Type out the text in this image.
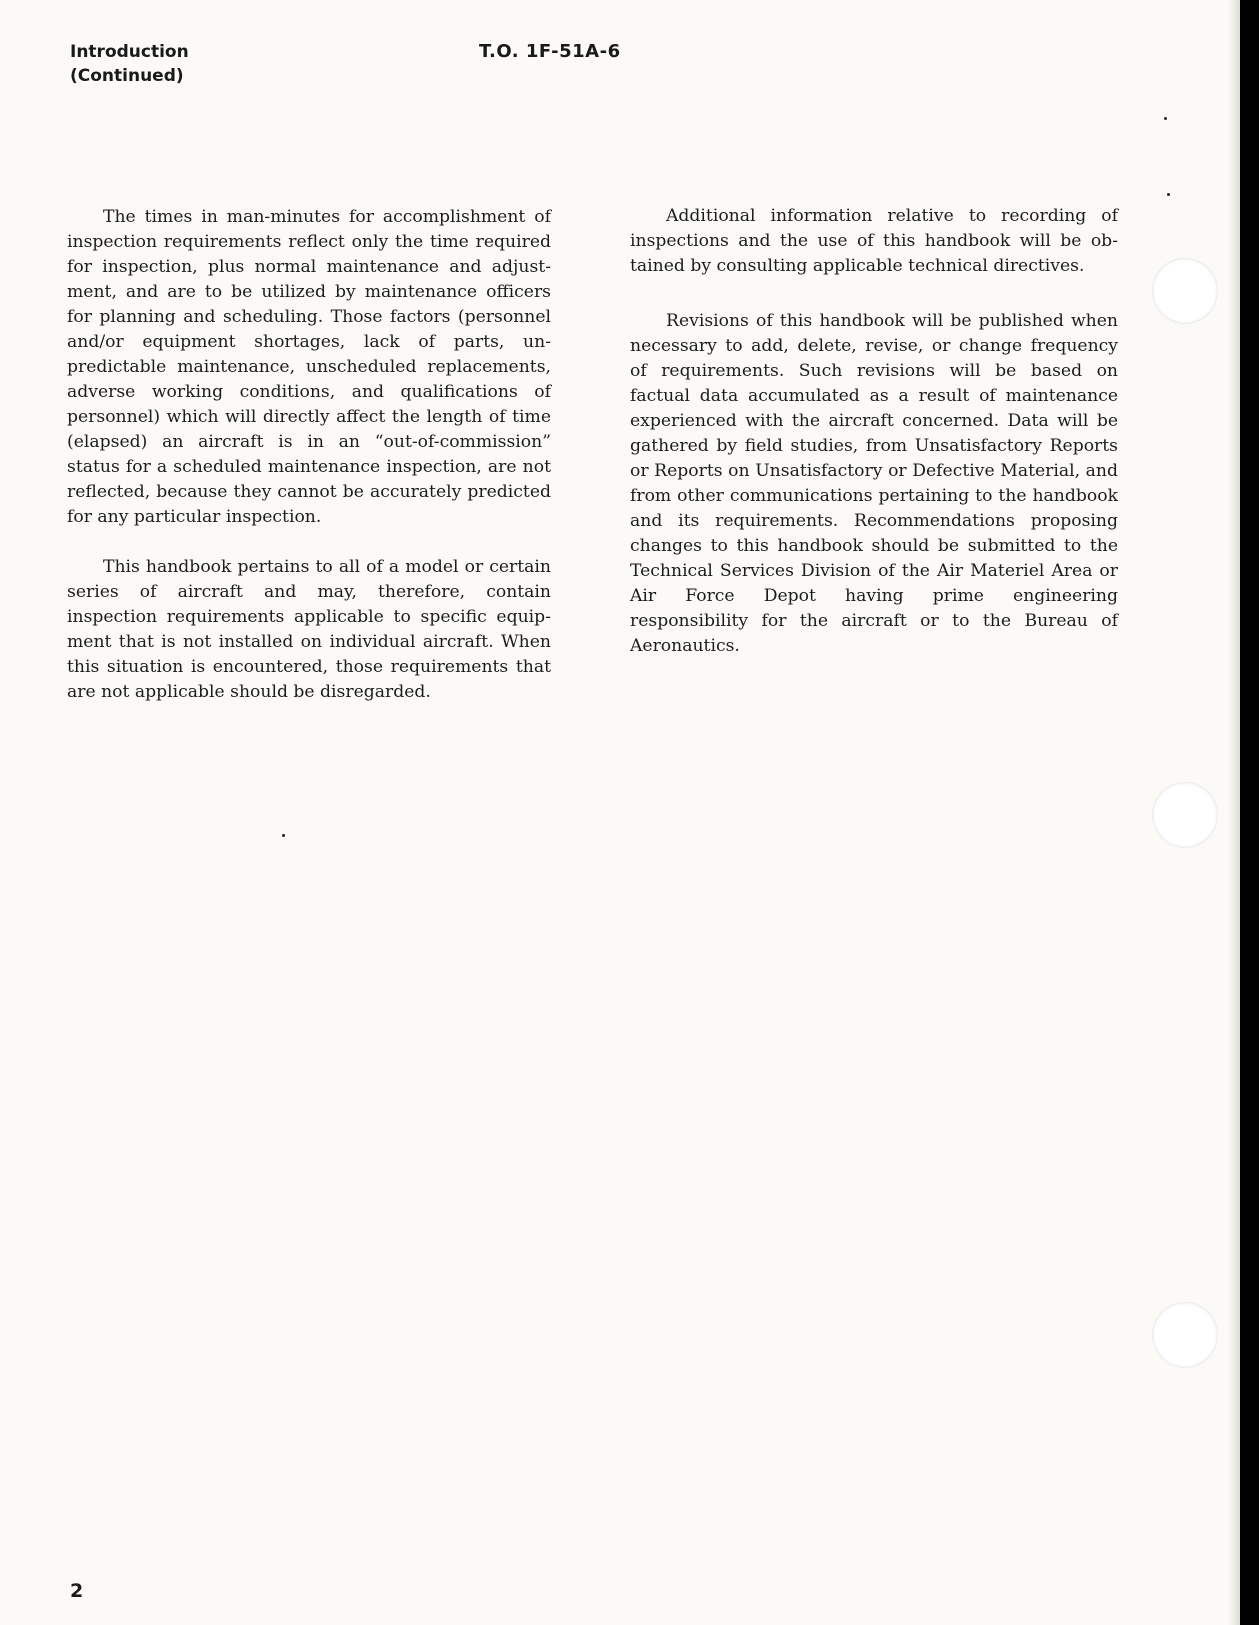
Introduction
(Continued)
T.O. 1F-51A-6

The times in man-minutes for accomplishment of inspection requirements reflect only the time required for inspection, plus normal maintenance and adjustment, and are to be utilized by maintenance officers for planning and scheduling. Those factors (personnel and/or equipment shortages, lack of parts, unpredictable maintenance, unscheduled replacements, adverse working conditions, and qualifications of personnel) which will directly affect the length of time (elapsed) an aircraft is in an “out-of-commission” status for a scheduled maintenance inspection, are not reflected, because they cannot be accurately predicted for any particular inspection.

This handbook pertains to all of a model or certain series of aircraft and may, therefore, contain inspection requirements applicable to specific equipment that is not installed on individual aircraft. When this situation is encountered, those requirements that are not applicable should be disregarded.

Additional information relative to recording of inspections and the use of this handbook will be obtained by consulting applicable technical directives.

Revisions of this handbook will be published when necessary to add, delete, revise, or change frequency of requirements. Such revisions will be based on factual data accumulated as a result of maintenance experienced with the aircraft concerned. Data will be gathered by field studies, from Unsatisfactory Reports or Reports on Unsatisfactory or Defective Material, and from other communications pertaining to the handbook and its requirements. Recommendations proposing changes to this handbook should be submitted to the Technical Services Division of the Air Materiel Area or Air Force Depot having prime engineering responsibility for the aircraft or to the Bureau of Aeronautics.

2
